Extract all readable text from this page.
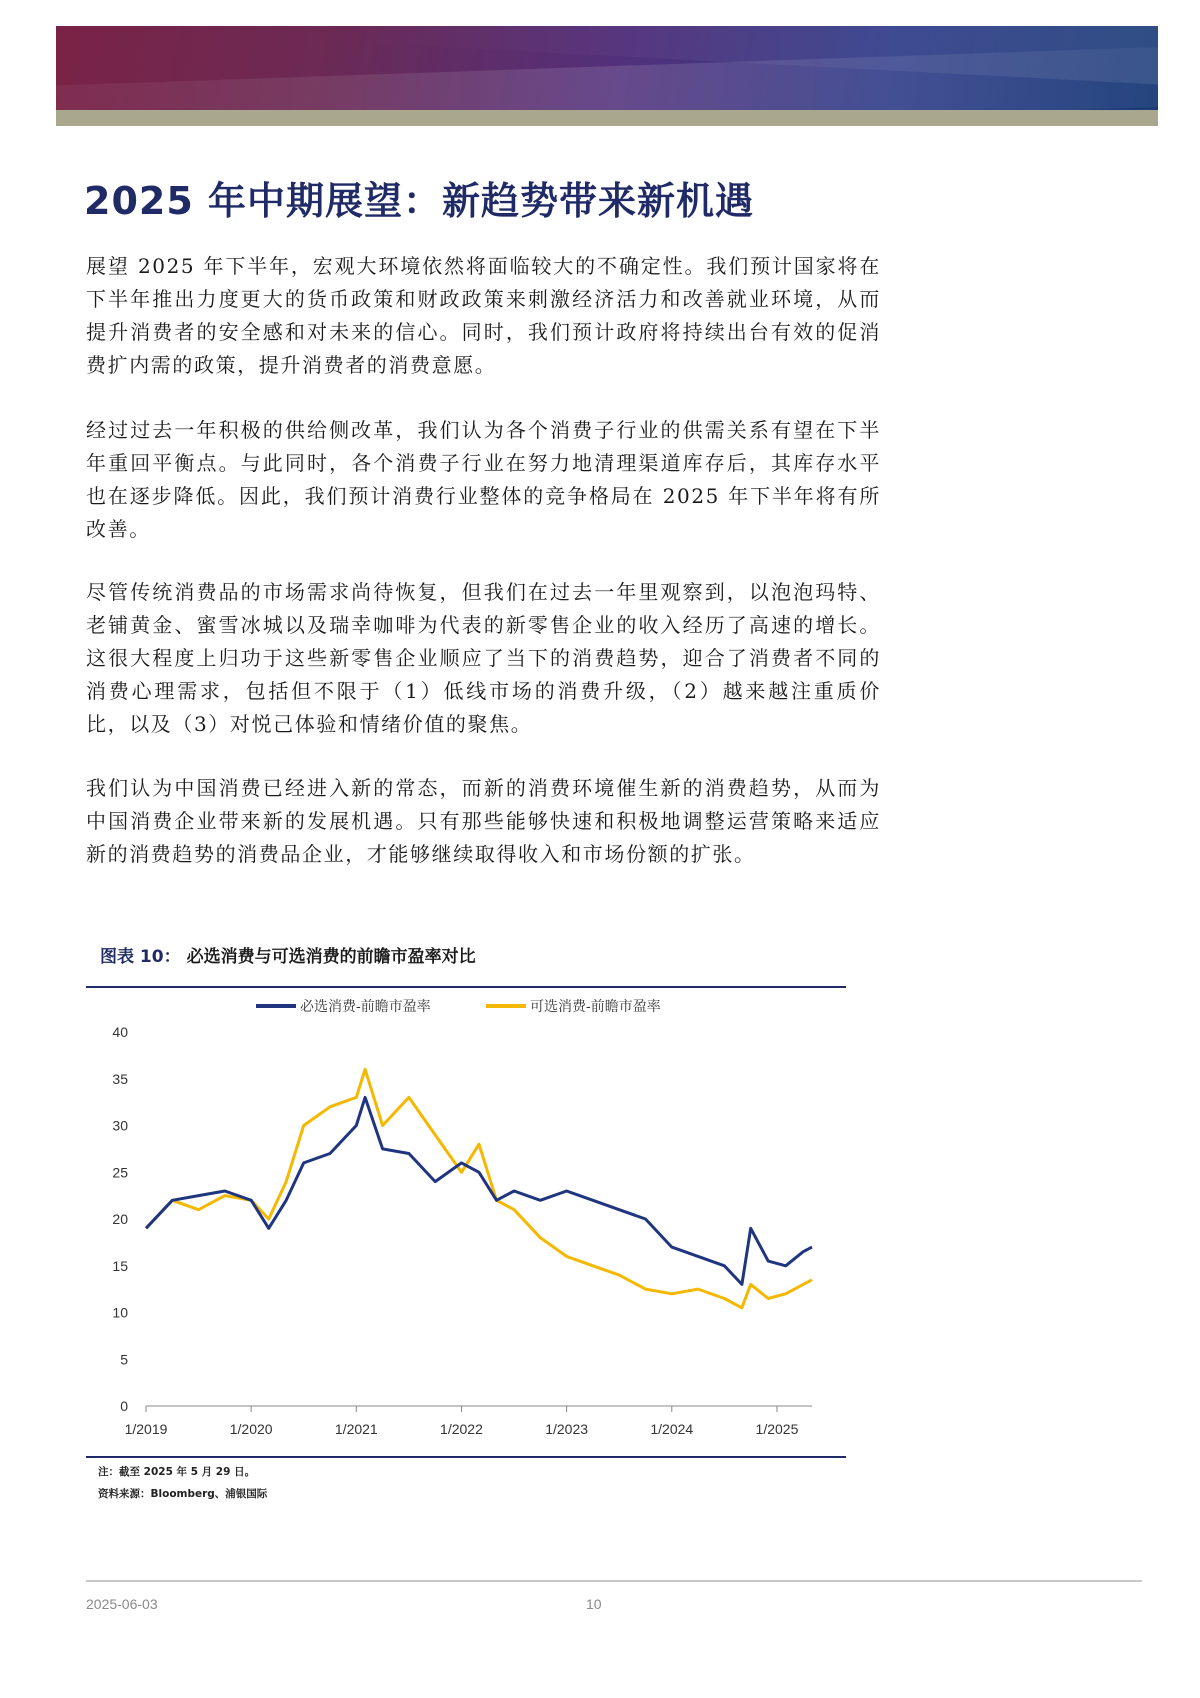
2025 年中期展望：新趋势带来新机遇

展望 2025 年下半年，宏观大环境依然将面临较大的不确定性。我们预计国家将在下半年推出力度更大的货币政策和财政政策来刺激经济活力和改善就业环境，从而提升消费者的安全感和对未来的信心。同时，我们预计政府将持续出台有效的促消费扩内需的政策，提升消费者的消费意愿。

经过过去一年积极的供给侧改革，我们认为各个消费子行业的供需关系有望在下半年重回平衡点。与此同时，各个消费子行业在努力地清理渠道库存后，其库存水平也在逐步降低。因此，我们预计消费行业整体的竞争格局在 2025 年下半年将有所改善。

尽管传统消费品的市场需求尚待恢复，但我们在过去一年里观察到，以泡泡玛特、老铺黄金、蜜雪冰城以及瑞幸咖啡为代表的新零售企业的收入经历了高速的增长。这很大程度上归功于这些新零售企业顺应了当下的消费趋势，迎合了消费者不同的消费心理需求，包括但不限于（1）低线市场的消费升级，（2）越来越注重质价比，以及（3）对悦己体验和情绪价值的聚焦。

我们认为中国消费已经进入新的常态，而新的消费环境催生新的消费趋势，从而为中国消费企业带来新的发展机遇。只有那些能够快速和积极地调整运营策略来适应新的消费趋势的消费品企业，才能够继续取得收入和市场份额的扩张。

图表 10： 必选消费与可选消费的前瞻市盈率对比

必选消费-前瞻市盈率	可选消费-前瞻市盈率
0
5
10
15
20
25
30
35
40
1/2019	1/2020	1/2021	1/2022	1/2023	1/2024	1/2025

注：截至 2025 年 5 月 29 日。

资料来源：Bloomberg、浦银国际

2025-06-03	10
